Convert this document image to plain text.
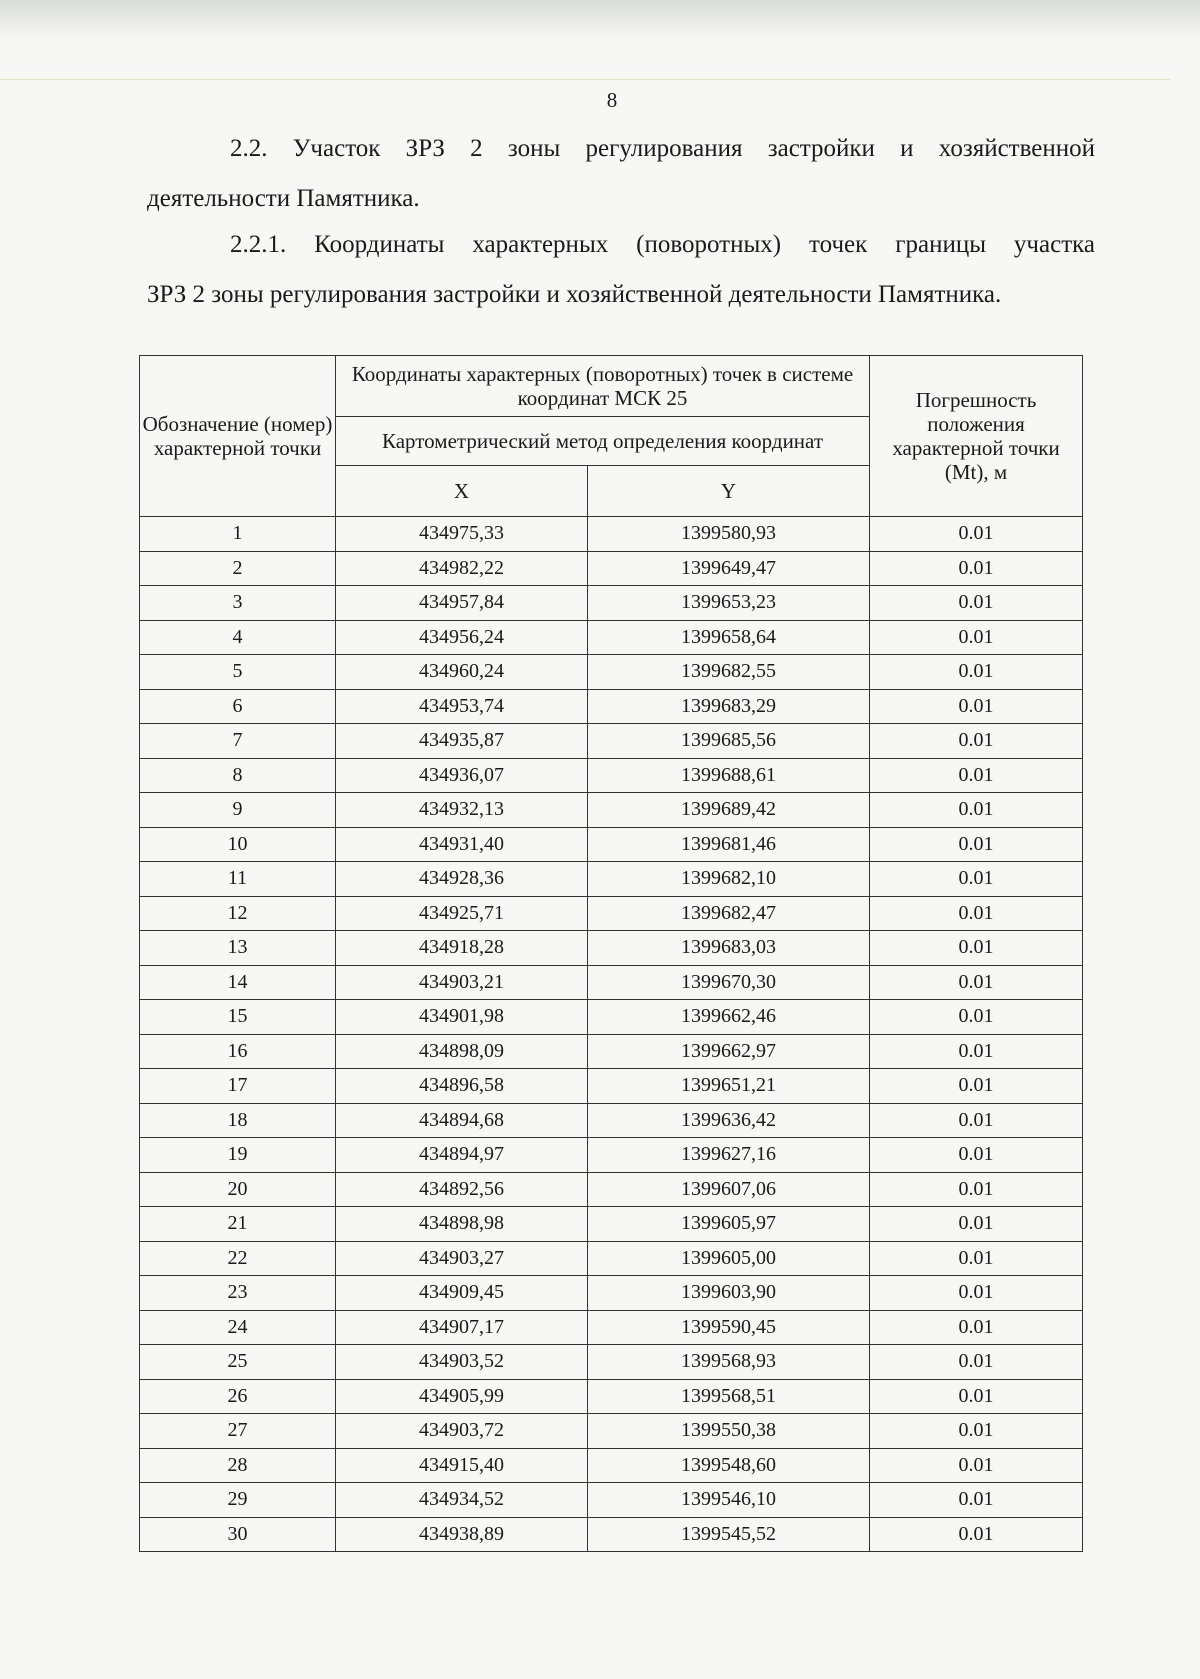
8
2.2. Участок ЗРЗ 2 зоны регулирования застройки и хозяйственной
деятельности Памятника.
2.2.1. Координаты характерных (поворотных) точек границы участка
ЗРЗ 2 зоны регулирования застройки и хозяйственной деятельности Памятника.
Обозначение (номер) характерной точки	Координаты характерных (поворотных) точек в системе координат МСК 25		Погрешность положения характерной точки (Mt), м
	Картометрический метод определения координат		
	X	Y	
1	434975,33	1399580,93	0.01
2	434982,22	1399649,47	0.01
3	434957,84	1399653,23	0.01
4	434956,24	1399658,64	0.01
5	434960,24	1399682,55	0.01
6	434953,74	1399683,29	0.01
7	434935,87	1399685,56	0.01
8	434936,07	1399688,61	0.01
9	434932,13	1399689,42	0.01
10	434931,40	1399681,46	0.01
11	434928,36	1399682,10	0.01
12	434925,71	1399682,47	0.01
13	434918,28	1399683,03	0.01
14	434903,21	1399670,30	0.01
15	434901,98	1399662,46	0.01
16	434898,09	1399662,97	0.01
17	434896,58	1399651,21	0.01
18	434894,68	1399636,42	0.01
19	434894,97	1399627,16	0.01
20	434892,56	1399607,06	0.01
21	434898,98	1399605,97	0.01
22	434903,27	1399605,00	0.01
23	434909,45	1399603,90	0.01
24	434907,17	1399590,45	0.01
25	434903,52	1399568,93	0.01
26	434905,99	1399568,51	0.01
27	434903,72	1399550,38	0.01
28	434915,40	1399548,60	0.01
29	434934,52	1399546,10	0.01
30	434938,89	1399545,52	0.01
